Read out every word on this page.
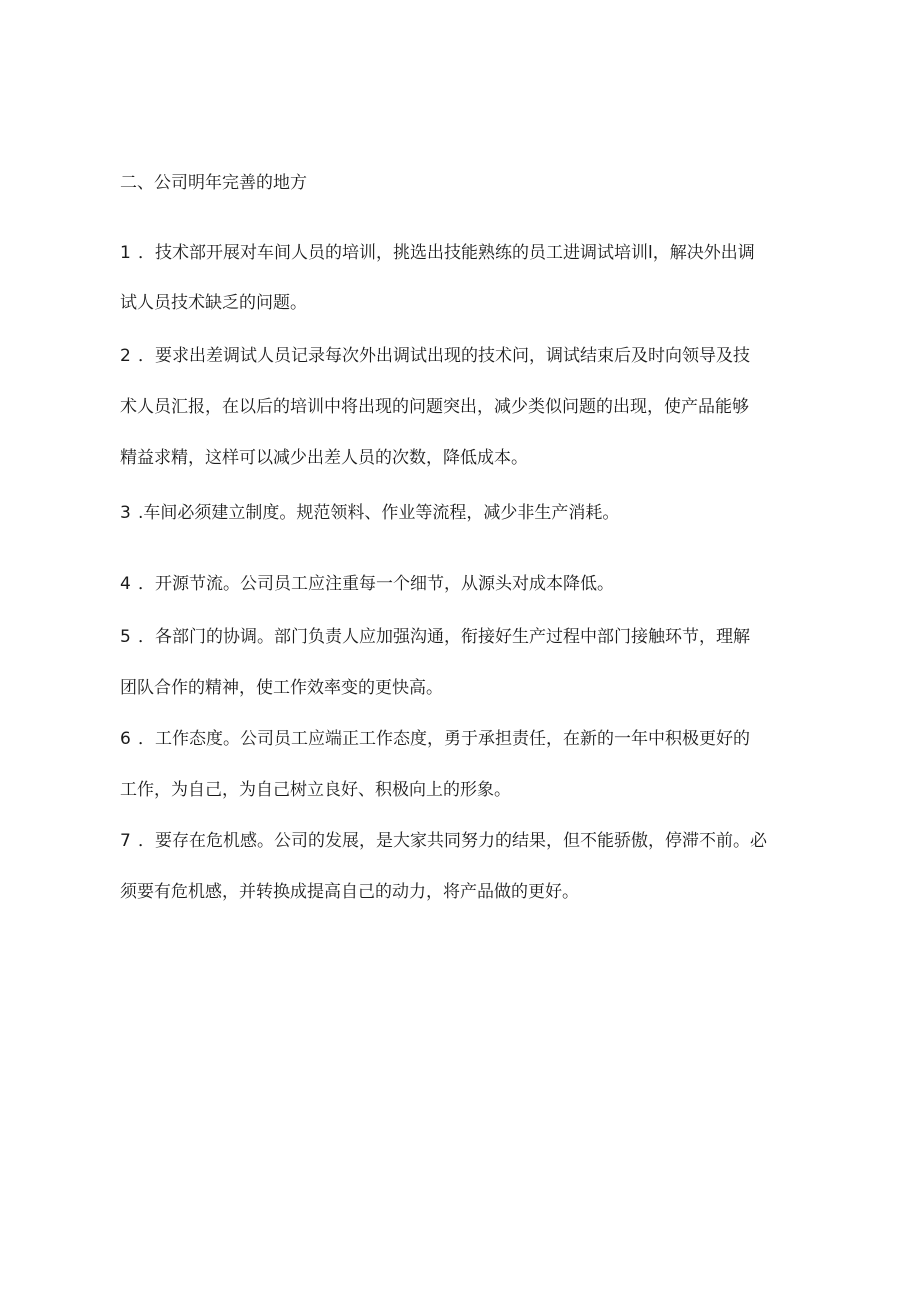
二、公司明年完善的地方
1 ．技术部开展对车间人员的培训，挑选出技能熟练的员工进调试培训l，解决外出调
试人员技术缺乏的问题。
2 ．要求出差调试人员记录每次外出调试出现的技术问，调试结束后及时向领导及技
术人员汇报，在以后的培训中将出现的问题突出，减少类似问题的出现，使产品能够
精益求精，这样可以减少出差人员的次数，降低成本。
3 .车间必须建立制度。规范领料、作业等流程，减少非生产消耗。
4 ．开源节流。公司员工应注重每一个细节，从源头对成本降低。
5 ．各部门的协调。部门负责人应加强沟通，衔接好生产过程中部门接触环节，理解
团队合作的精神，使工作效率变的更快高。
6 ．工作态度。公司员工应端正工作态度，勇于承担责任，在新的一年中积极更好的
工作，为自己，为自己树立良好、积极向上的形象。
7 ．要存在危机感。公司的发展，是大家共同努力的结果，但不能骄傲，停滞不前。必
须要有危机感，并转换成提高自己的动力，将产品做的更好。
